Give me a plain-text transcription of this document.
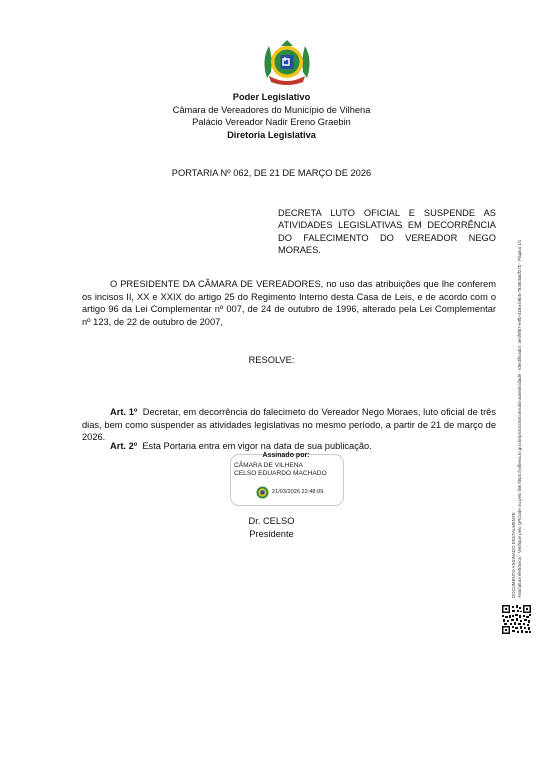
Poder Legislativo
Câmara de Vereadores do Município de Vilhena
Palácio Vereador Nadir Ereno Graebin
Diretoria Legislativa
PORTARIA Nº 062, DE 21 DE MARÇO DE 2026
DECRETA LUTO OFICIAL E SUSPENDE AS ATIVIDADES LEGISLATIVAS EM DECORRÊNCIA DO FALECIMENTO DO VEREADOR NEGO MORAES.
O PRESIDENTE DA CÂMARA DE VEREADORES, no uso das atribuições que lhe conferem os incisos II, XX e XXIX do artigo 25 do Regimento Interno desta Casa de Leis, e de acordo com o artigo 96 da Lei Complementar nº 007, de 24 de outubro de 1996, alterado pela Lei Complementar nº 123, de 22 de outubro de 2007,
RESOLVE:
Art. 1º Decretar, em decorrência do falecimeto do Vereador Nego Moraes, luto oficial de três dias, bem como suspender as atividades legislativas no mesmo período, a partir de 21 de março de 2026.
Art. 2º Esta Portaria entra em vigor na data de sua publicação.
Assinado por:
CÂMARA DE VILHENA
CELSO EDUARDO MACHADO
21/03/2026 22:48:09
Dr. CELSO
Presidente	DOCUMENTO ASSINADO DIGITALMENTE Assinatura eletrônica - Verifique pelo QRCode ou pelo link https://vilhena.ro.gov.br/protocolo/consulta-autenticidade - Identificador: 4e4f9f57-e9f0-418a-b8b5-7828c5a0f270 - Página 1/1
